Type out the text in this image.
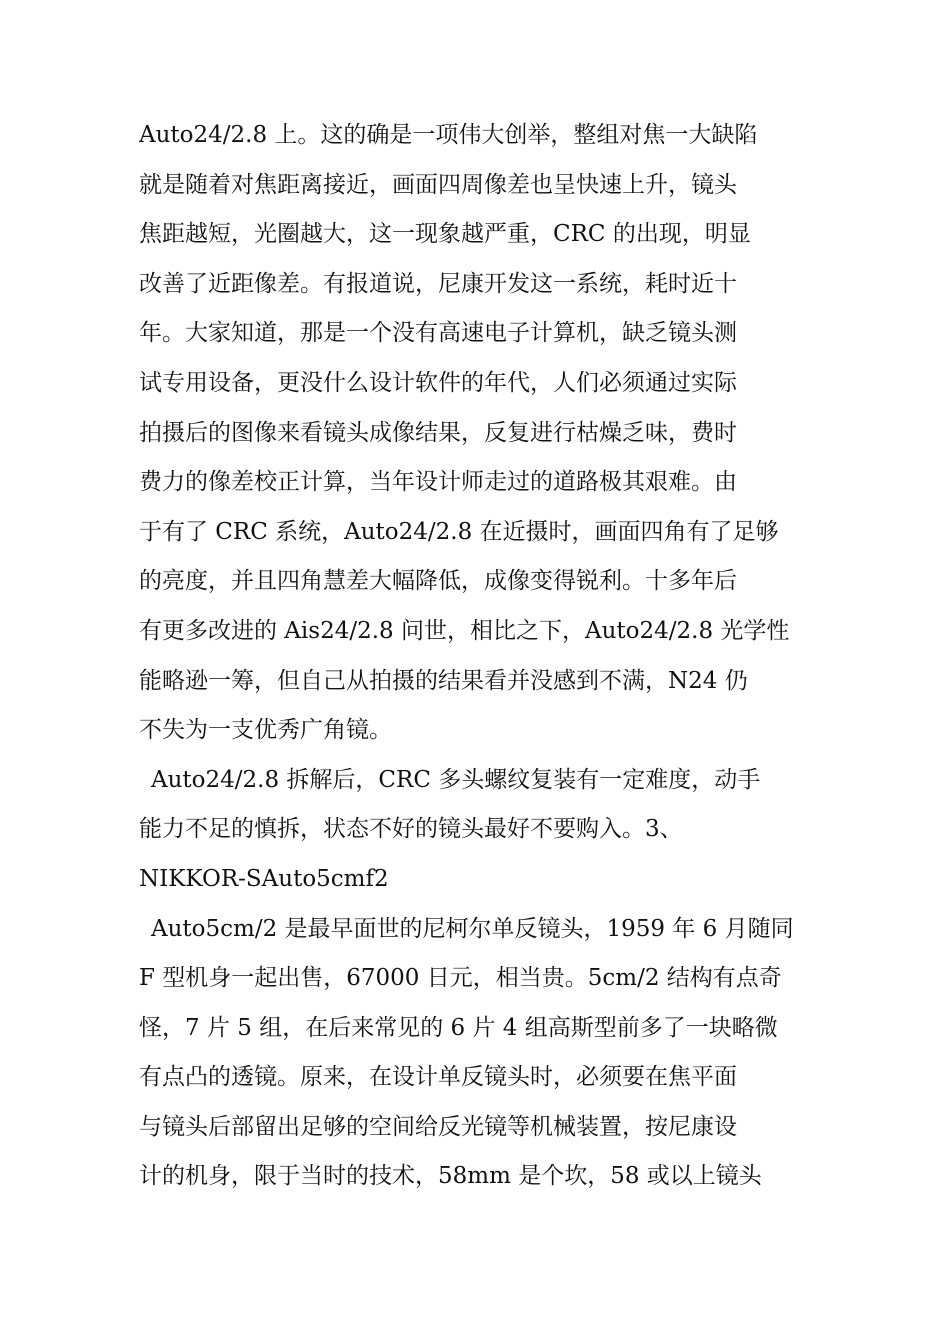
Auto24/2.8 上。这的确是一项伟大创举，整组对焦一大缺陷
就是随着对焦距离接近，画面四周像差也呈快速上升，镜头
焦距越短，光圈越大，这一现象越严重，CRC 的出现，明显
改善了近距像差。有报道说，尼康开发这一系统，耗时近十
年。大家知道，那是一个没有高速电子计算机，缺乏镜头测
试专用设备，更没什么设计软件的年代，人们必须通过实际
拍摄后的图像来看镜头成像结果，反复进行枯燥乏味，费时
费力的像差校正计算，当年设计师走过的道路极其艰难。由
于有了 CRC 系统，Auto24/2.8 在近摄时，画面四角有了足够
的亮度，并且四角慧差大幅降低，成像变得锐利。十多年后
有更多改进的 Ais24/2.8 问世，相比之下，Auto24/2.8 光学性
能略逊一筹，但自己从拍摄的结果看并没感到不满，N24 仍
不失为一支优秀广角镜。
Auto24/2.8 拆解后，CRC 多头螺纹复装有一定难度，动手
能力不足的慎拆，状态不好的镜头最好不要购入。3、
NIKKOR-SAuto5cmf2
Auto5cm/2 是最早面世的尼柯尔单反镜头，1959 年 6 月随同
F 型机身一起出售，67000 日元，相当贵。5cm/2 结构有点奇
怪，7 片 5 组，在后来常见的 6 片 4 组高斯型前多了一块略微
有点凸的透镜。原来，在设计单反镜头时，必须要在焦平面
与镜头后部留出足够的空间给反光镜等机械装置，按尼康设
计的机身，限于当时的技术，58mm 是个坎，58 或以上镜头
